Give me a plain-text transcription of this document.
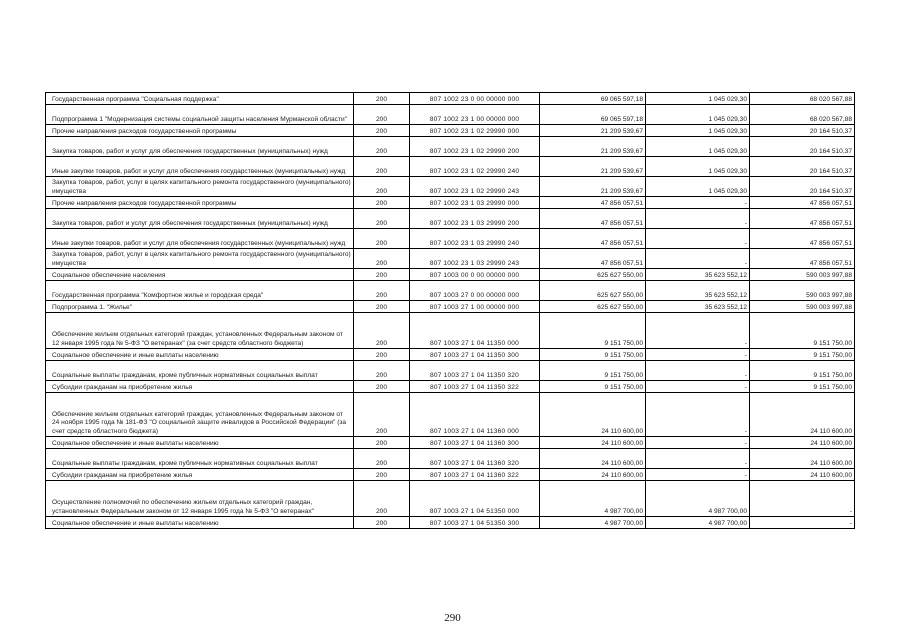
Государственная программа "Социальная поддержка"	200	807 1002 23 0 00 00000 000	69 065 597,18	1 045 029,30	68 020 567,88
Подпрограмма 1 "Модернизация системы социальной защиты населения Мурманской области"	200	807 1002 23 1 00 00000 000	69 065 597,18	1 045 029,30	68 020 567,88
Прочие направления расходов государственной программы	200	807 1002 23 1 02 29990 000	21 209 539,67	1 045 029,30	20 164 510,37
Закупка товаров, работ и услуг для обеспечения государственных (муниципальных) нужд	200	807 1002 23 1 02 29990 200	21 209 539,67	1 045 029,30	20 164 510,37
Иные закупки товаров, работ и услуг для обеспечения государственных (муниципальных) нужд	200	807 1002 23 1 02 29990 240	21 209 539,67	1 045 029,30	20 164 510,37
Закупка товаров, работ, услуг в целях капитального ремонта государственного (муниципального) имущества	200	807 1002 23 1 02 29990 243	21 209 539,67	1 045 029,30	20 164 510,37
Прочие направления расходов государственной программы	200	807 1002 23 1 03 29990 000	47 856 057,51	-	47 856 057,51
Закупка товаров, работ и услуг для обеспечения государственных (муниципальных) нужд	200	807 1002 23 1 03 29990 200	47 856 057,51	-	47 856 057,51
Иные закупки товаров, работ и услуг для обеспечения государственных (муниципальных) нужд	200	807 1002 23 1 03 29990 240	47 856 057,51	-	47 856 057,51
Закупка товаров, работ, услуг в целях капитального ремонта государственного (муниципального) имущества	200	807 1002 23 1 03 29990 243	47 856 057,51	-	47 856 057,51
Социальное обеспечение населения	200	807 1003 00 0 00 00000 000	625 627 550,00	35 623 552,12	590 003 997,88
Государственная программа "Комфортное жилье и городская среда"	200	807 1003 27 0 00 00000 000	625 627 550,00	35 623 552,12	590 003 997,88
Подпрограмма 1. "Жилье"	200	807 1003 27 1 00 00000 000	625 627 550,00	35 623 552,12	590 003 997,88
Обеспечение жильем отдельных категорий граждан, установленных Федеральным законом от 12 января 1995 года № 5-ФЗ "О ветеранах" (за счет средств областного бюджета)	200	807 1003 27 1 04 11350 000	9 151 750,00	-	9 151 750,00
Социальное обеспечение и иные выплаты населению	200	807 1003 27 1 04 11350 300	9 151 750,00	-	9 151 750,00
Социальные выплаты гражданам, кроме публичных нормативных социальных выплат	200	807 1003 27 1 04 11350 320	9 151 750,00	-	9 151 750,00
Субсидии гражданам на приобретение жилья	200	807 1003 27 1 04 11350 322	9 151 750,00	-	9 151 750,00
Обеспечение жильем отдельных категорий граждан, установленных Федеральным законом от 24 ноября 1995 года № 181-ФЗ "О социальной защите инвалидов в Российской Федерации" (за счет средств областного бюджета)	200	807 1003 27 1 04 11360 000	24 110 600,00	-	24 110 600,00
Социальное обеспечение и иные выплаты населению	200	807 1003 27 1 04 11360 300	24 110 600,00	-	24 110 600,00
Социальные выплаты гражданам, кроме публичных нормативных социальных выплат	200	807 1003 27 1 04 11360 320	24 110 600,00	-	24 110 600,00
Субсидии гражданам на приобретение жилья	200	807 1003 27 1 04 11360 322	24 110 600,00	-	24 110 600,00
Осуществление полномочий по обеспечению жильем отдельных категорий граждан, установленных Федеральным законом от 12 января 1995 года № 5-ФЗ "О ветеранах"	200	807 1003 27 1 04 51350 000	4 987 700,00	4 987 700,00	-
Социальное обеспечение и иные выплаты населению	200	807 1003 27 1 04 51350 300	4 987 700,00	4 987 700,00	-
290
